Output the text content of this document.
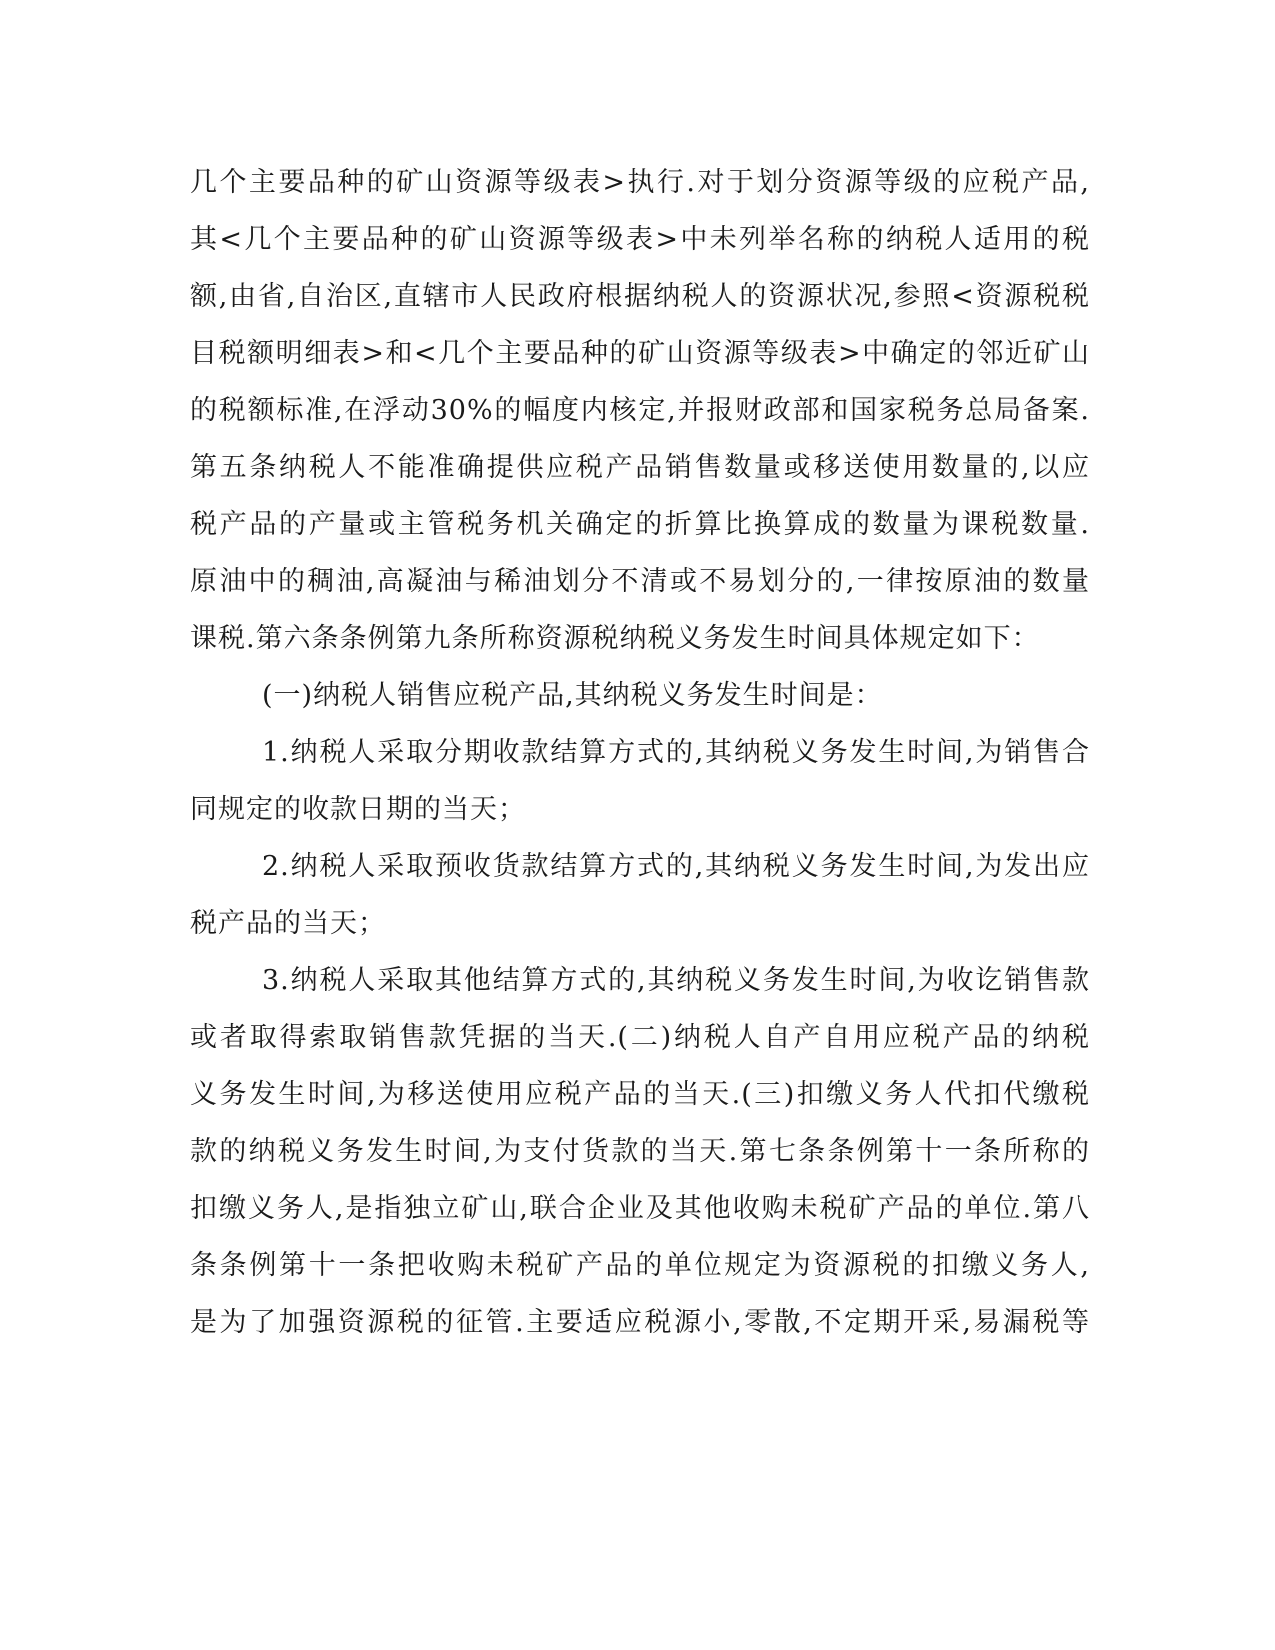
几个主要品种的矿山资源等级表>执行.对于划分资源等级的应税产品,
其<几个主要品种的矿山资源等级表>中未列举名称的纳税人适用的税
额,由省,自治区,直辖市人民政府根据纳税人的资源状况,参照<资源税税
目税额明细表>和<几个主要品种的矿山资源等级表>中确定的邻近矿山
的税额标准,在浮动30%的幅度内核定,并报财政部和国家税务总局备案.
第五条纳税人不能准确提供应税产品销售数量或移送使用数量的,以应
税产品的产量或主管税务机关确定的折算比换算成的数量为课税数量.
原油中的稠油,高凝油与稀油划分不清或不易划分的,一律按原油的数量
课税.第六条条例第九条所称资源税纳税义务发生时间具体规定如下：
(一)纳税人销售应税产品,其纳税义务发生时间是：
1.纳税人采取分期收款结算方式的,其纳税义务发生时间,为销售合
同规定的收款日期的当天；
2.纳税人采取预收货款结算方式的,其纳税义务发生时间,为发出应
税产品的当天；
3.纳税人采取其他结算方式的,其纳税义务发生时间,为收讫销售款
或者取得索取销售款凭据的当天.(二)纳税人自产自用应税产品的纳税
义务发生时间,为移送使用应税产品的当天.(三)扣缴义务人代扣代缴税
款的纳税义务发生时间,为支付货款的当天.第七条条例第十一条所称的
扣缴义务人,是指独立矿山,联合企业及其他收购未税矿产品的单位.第八
条条例第十一条把收购未税矿产品的单位规定为资源税的扣缴义务人,
是为了加强资源税的征管.主要适应税源小,零散,不定期开采,易漏税等
